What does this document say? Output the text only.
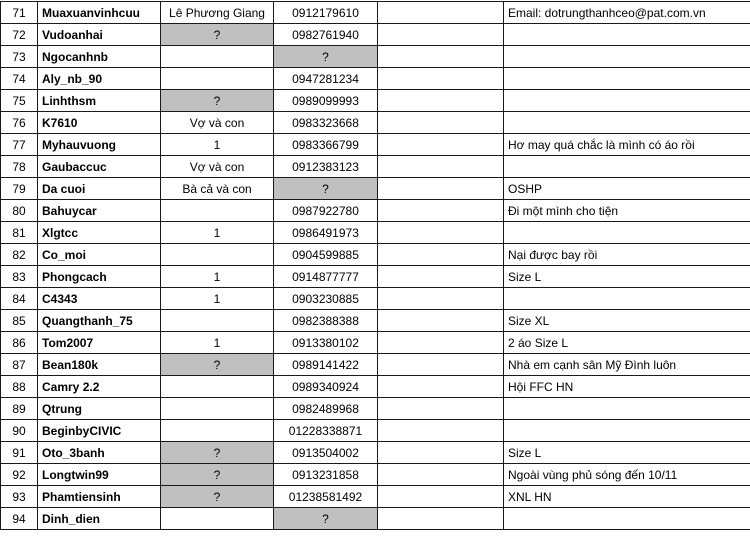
71	Muaxuanvinhcuu	Lê Phương Giang	0912179610		Email: dotrungthanhceo@pat.com.vn
72	Vudoanhai	?	0982761940		
73	Ngocanhnb		?		
74	Aly_nb_90		0947281234		
75	Linhthsm	?	0989099993		
76	K7610	Vợ và con	0983323668		
77	Myhauvuong	1	0983366799		Hơ may quá chắc là mình có áo rồi
78	Gaubaccuc	Vợ và con	0912383123		
79	Da cuoi	Bà cả và con	?		OSHP
80	Bahuycar		0987922780		Đi một mình cho tiện
81	Xlgtcc	1	0986491973		
82	Co_moi		0904599885		Nại được bay rồi
83	Phongcach	1	0914877777		Size L
84	C4343	1	0903230885		
85	Quangthanh_75		0982388388		Size XL
86	Tom2007	1	0913380102		2 áo Size L
87	Bean180k	?	0989141422		Nhà em cạnh sân Mỹ Đình luôn
88	Camry 2.2		0989340924		Hội FFC HN
89	Qtrung		0982489968		
90	BeginbyCIVIC		01228338871		
91	Oto_3banh	?	0913504002		Size L
92	Longtwin99	?	0913231858		Ngoài vùng phủ sóng đến 10/11
93	Phamtiensinh	?	01238581492		XNL HN
94	Dinh_dien		?		
